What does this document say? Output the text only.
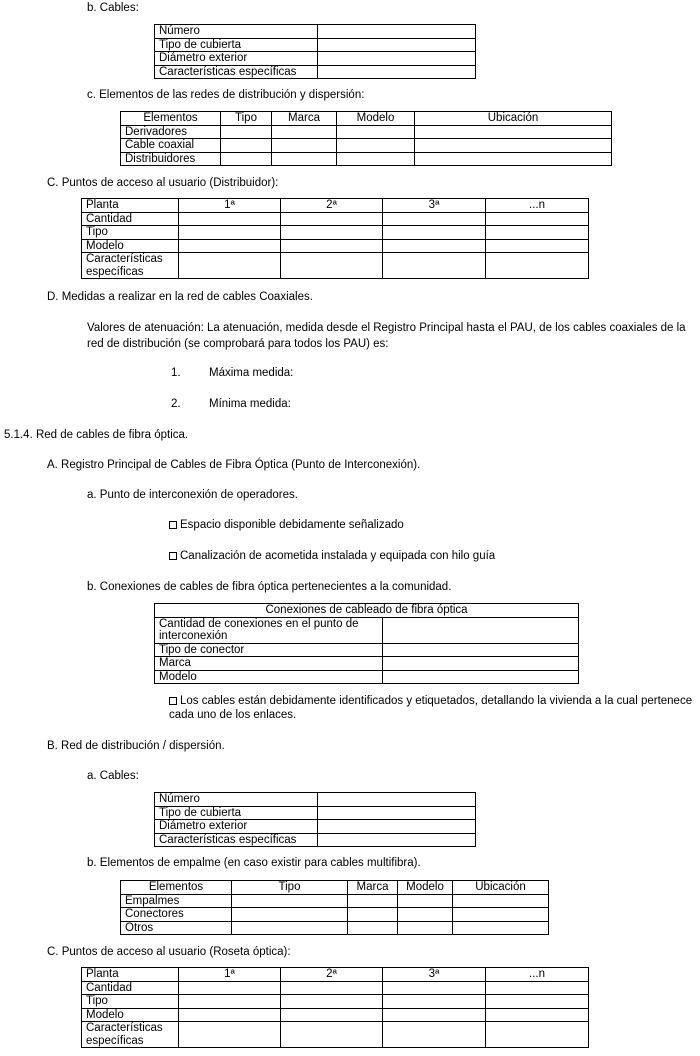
b. Cables:
Número	
Tipo de cubierta	
Diámetro exterior	
Características específicas	
c. Elementos de las redes de distribución y dispersión:
Elementos	Tipo	Marca	Modelo	Ubicación
Derivadores				
Cable coaxial				
Distribuidores				
C. Puntos de acceso al usuario (Distribuidor):
Planta	1ª	2ª	3ª	...n
Cantidad				
Tipo				
Modelo				
Características específicas				
D. Medidas a realizar en la red de cables Coaxiales.
Valores de atenuación: La atenuación, medida desde el Registro Principal hasta el PAU, de los cables coaxiales de la red de distribución (se comprobará para todos los PAU) es:
1. Máxima medida:
2. Mínima medida:
5.1.4. Red de cables de fibra óptica.
A. Registro Principal de Cables de Fibra Óptica (Punto de Interconexión).
a. Punto de interconexión de operadores.
Espacio disponible debidamente señalizado
Canalización de acometida instalada y equipada con hilo guía
b. Conexiones de cables de fibra óptica pertenecientes a la comunidad.
Conexiones de cableado de fibra óptica	
Cantidad de conexiones en el punto de interconexión	
Tipo de conector	
Marca	
Modelo	
Los cables están debidamente identificados y etiquetados, detallando la vivienda a la cual pertenece cada uno de los enlaces.
B. Red de distribución / dispersión.
a. Cables:
Número	
Tipo de cubierta	
Diámetro exterior	
Características específicas	
b. Elementos de empalme (en caso existir para cables multifibra).
Elementos	Tipo	Marca	Modelo	Ubicación
Empalmes				
Conectores				
Otros				
C. Puntos de acceso al usuario (Roseta óptica):
Planta	1ª	2ª	3ª	...n
Cantidad				
Tipo				
Modelo				
Características específicas				
